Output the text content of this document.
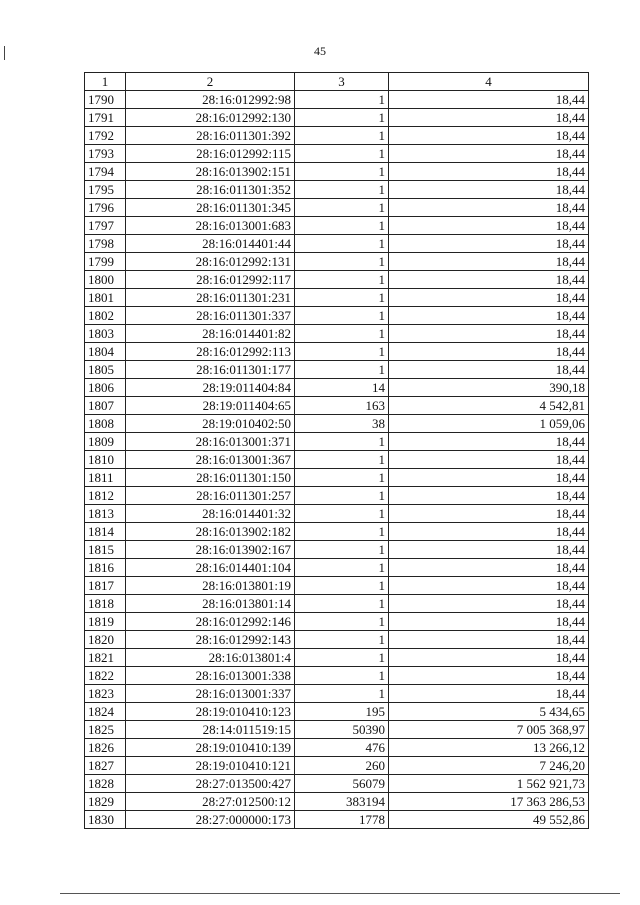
45
1	2	3	4
1790	28:16:012992:98	1	18,44
1791	28:16:012992:130	1	18,44
1792	28:16:011301:392	1	18,44
1793	28:16:012992:115	1	18,44
1794	28:16:013902:151	1	18,44
1795	28:16:011301:352	1	18,44
1796	28:16:011301:345	1	18,44
1797	28:16:013001:683	1	18,44
1798	28:16:014401:44	1	18,44
1799	28:16:012992:131	1	18,44
1800	28:16:012992:117	1	18,44
1801	28:16:011301:231	1	18,44
1802	28:16:011301:337	1	18,44
1803	28:16:014401:82	1	18,44
1804	28:16:012992:113	1	18,44
1805	28:16:011301:177	1	18,44
1806	28:19:011404:84	14	390,18
1807	28:19:011404:65	163	4 542,81
1808	28:19:010402:50	38	1 059,06
1809	28:16:013001:371	1	18,44
1810	28:16:013001:367	1	18,44
1811	28:16:011301:150	1	18,44
1812	28:16:011301:257	1	18,44
1813	28:16:014401:32	1	18,44
1814	28:16:013902:182	1	18,44
1815	28:16:013902:167	1	18,44
1816	28:16:014401:104	1	18,44
1817	28:16:013801:19	1	18,44
1818	28:16:013801:14	1	18,44
1819	28:16:012992:146	1	18,44
1820	28:16:012992:143	1	18,44
1821	28:16:013801:4	1	18,44
1822	28:16:013001:338	1	18,44
1823	28:16:013001:337	1	18,44
1824	28:19:010410:123	195	5 434,65
1825	28:14:011519:15	50390	7 005 368,97
1826	28:19:010410:139	476	13 266,12
1827	28:19:010410:121	260	7 246,20
1828	28:27:013500:427	56079	1 562 921,73
1829	28:27:012500:12	383194	17 363 286,53
1830	28:27:000000:173	1778	49 552,86
